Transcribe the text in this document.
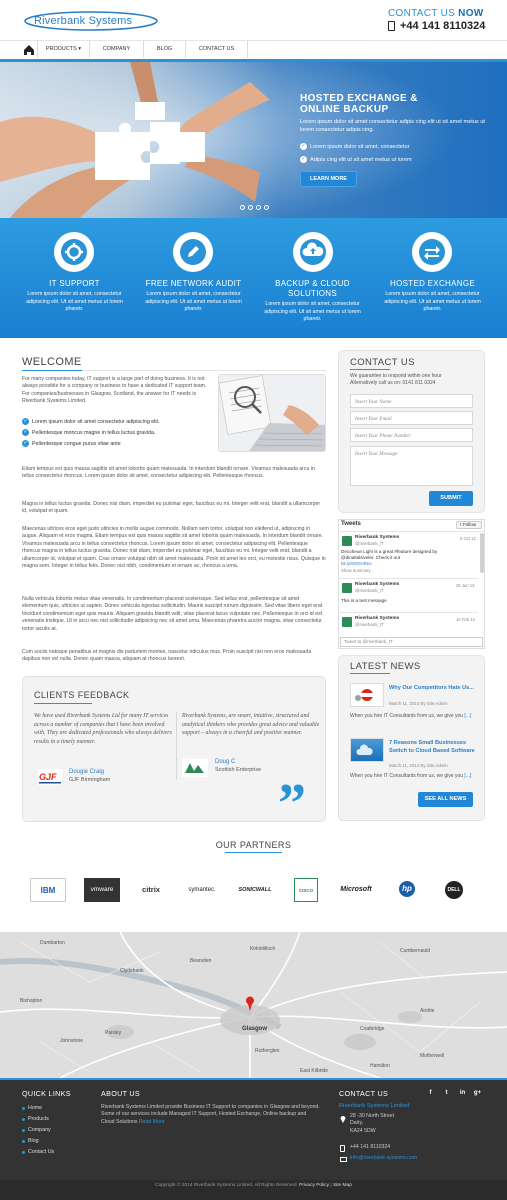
Riverbank Systems
CONTACT US NOW
+44 141 8110324
PRODUCTS ▾	COMPANY	BLOG	CONTACT US
HOSTED EXCHANGE &
ONLINE BACKUP
Lorem ipsum dolor sit amet consectetur adipis cing elit ut sit amet metus ut lorem consectetur adipis cing.
✓ Lorem ipsum dolor sit amet, consectetur
✓ Adipis cing elit ut sit amet metus ut lorem
LEARN MORE
IT SUPPORT
Lorem ipsum dolor sit amet, consectetur adipiscing elit. Ut sit amet metus ut lorem pharetr.
FREE NETWORK AUDIT
Lorem ipsum dolor sit amet, consectetur adipiscing elit. Ut sit amet metus ut lorem pharetr.
BACKUP & CLOUD
SOLUTIONS
Lorem ipsum dolor sit amet, consectetur adipiscing elit. Ut sit amet metus ut lorem pharetr.
HOSTED EXCHANGE
Lorem ipsum dolor sit amet, consectetur adipiscing elit. Ut sit amet metus ut lorem pharetr.
WELCOME
For many companies today, IT support is a large part of doing business. It is not always possible for a company or business to have a dedicated IT support team. For companies/businesses in Glasgow, Scotland, the answer for IT needs is Riverbank Systems Limited.
✓ Lorem ipsum dolor sit amet consectetur adipiscing elit.
✓ Pellentesque moncus magne in tellus luctus gravida.
✓ Pellentesque congue purus vitae ante
Etiam tempus est quis massa sagittis sit amet lobortis quam malesuada. In interdum blandit ornare. Vivamus malesuada arcu in tellus consectetur rhoncus. Lorem ipsum dolor sit amet, consectetur adipiscing elit. Pellentesque rhoncus.
Magna in tellus luctus gravida. Donec nisi diam, imperdiet eu pulvinar eget, faucibus eu mi. Integer velit erat, blandit a ullamcorper id, volutpat et quam.
Maecenas ultrices eros eget justo ultricies in mollis augue commodo. Nullam sem tortor, volutpat non eleifend ut, adipiscing in augue. Aliquam et eros magna. Etiam tempus est quis massa sagittis sit amet lobortis quam malesuada. In interdum blandit ornare. Vivamus malesuada arcu in tellus consectetur rhoncus. Lorem ipsum dolor sit amet, consectetur adipiscing elit. Pellentesque rhoncus magna in tellus luctus gravida. Donec nisi diam, imperdiet eu pulvinar eget, faucibus eu mi. Integer velit erat, blandit a ullamcorper id, volutpat et quam. Cras ornare volutpat nibh sit amet malesuada. Proin sit amet leo orci, eu molestie risus. Quisque in magna sem. Integer in tellus felis. Donec nisl nibh, condimentum et ornare ac, rhoncus a urna.
Nulla vehicula lobortis metus vitae venenatis. In condimentum placerat scelerisque. Sed tellus erat, pellentesque sit amet elementum quis, ultricies ut sapien. Donec vehicula egestas sollicitudin. Mauris suscipit rutrum dignissim. Sed vitae libero eget erat tincidunt condimentum eget quis mauris. Aliquam gravida blandit velit, vitae placerat lacus vulputate nec. Pellentesque in orci id est venenatis tristique. Ut in arcu nec nisl sollicitudin adipiscing nec sit amet urna. Maecenas pharetra auctor magna, vitae consectetur tortor iaculis at.
Cum sociis natoque penatibus et magnis dis parturient montes, nascetur ridiculus mus. Proin suscipit nisi non eros malesuada dapibus non vel nulla. Donec quam massa, aliquam at rhoncus laoreet.
CLIENTS FEEDBACK
We have used Riverbank Systems Ltd for many IT services across a number of companies that I have been involved with. They are dedicated professionals who always delivers results in a timely manner.
Riverbank Systems, are smart, intuitive, structured and analytical thinkers who provides great advice and valuable support – always in a cheerful and positive manner.
GJF Dougie Craig
GJF Birmingham
Doug C
Scottish Enterprise
”
CONTACT US
We guarantee to respond within one hour
Alternatively call us on: 0141 811 0324
Insert Your Name
Insert Your Email
Insert Your Phone Number
Insert Your Message
SUBMIT
Tweets	t Follow
Riverbank Systems
@riverbank_IT
5 Oct 12
Decoheue Lighi is a great #feature designed by @dinaltalsiveler. Check it out
bit.ly/9OGHReo
Show Summary
Riverbank Systems
@riverbank_IT
25 Jun 12
This is a test message
Riverbank Systems
@riverbank_IT
10 Feb 12
Tweet to @riverbank_IT
LATEST NEWS
Why Our Competitors Hate Us...
March 11, 2014 By Site Admin
When you hire IT Consultants from us, we give you [...]
7 Reasons Small Businesses Switch to Cloud Based Software
March 11, 2014 By Site Admin
When you hire IT Consultants from us, we give you [...]
SEE ALL NEWS
OUR PARTNERS
IBM	vmware	citrix	symantec.	SONICWALL	CISCO	Microsoft	hp	DELL
Dumbarton
Kirkintilloch
Clydebank
Bearsden
Glasgow
Paisley
Rutherglen
East Kilbride
Cumbernauld
Coatbridge
Airdrie
Motherwell
Hamilton
Bishopton
Johnstone
QUICK LINKS
Home
Products
Company
Blog
Contact Us
ABOUT US
Riverbank Systems Limited provide Business IT Support to companies in Glasgow and beyond. Some of our services include Managed IT Support, Hosted Exchange, Online backup and Cloud Solutions Read More
CONTACT US	f	t	in	g+
Riverbank Systems Limited
28 -30 North Street
Dalry,
KA24 5DW
+44 141 8110324
info@riverbank-systems.com
Copyright © 2014 Riverbank Systems Limited. All Rights Reserved. Privacy Policy | Site Map
